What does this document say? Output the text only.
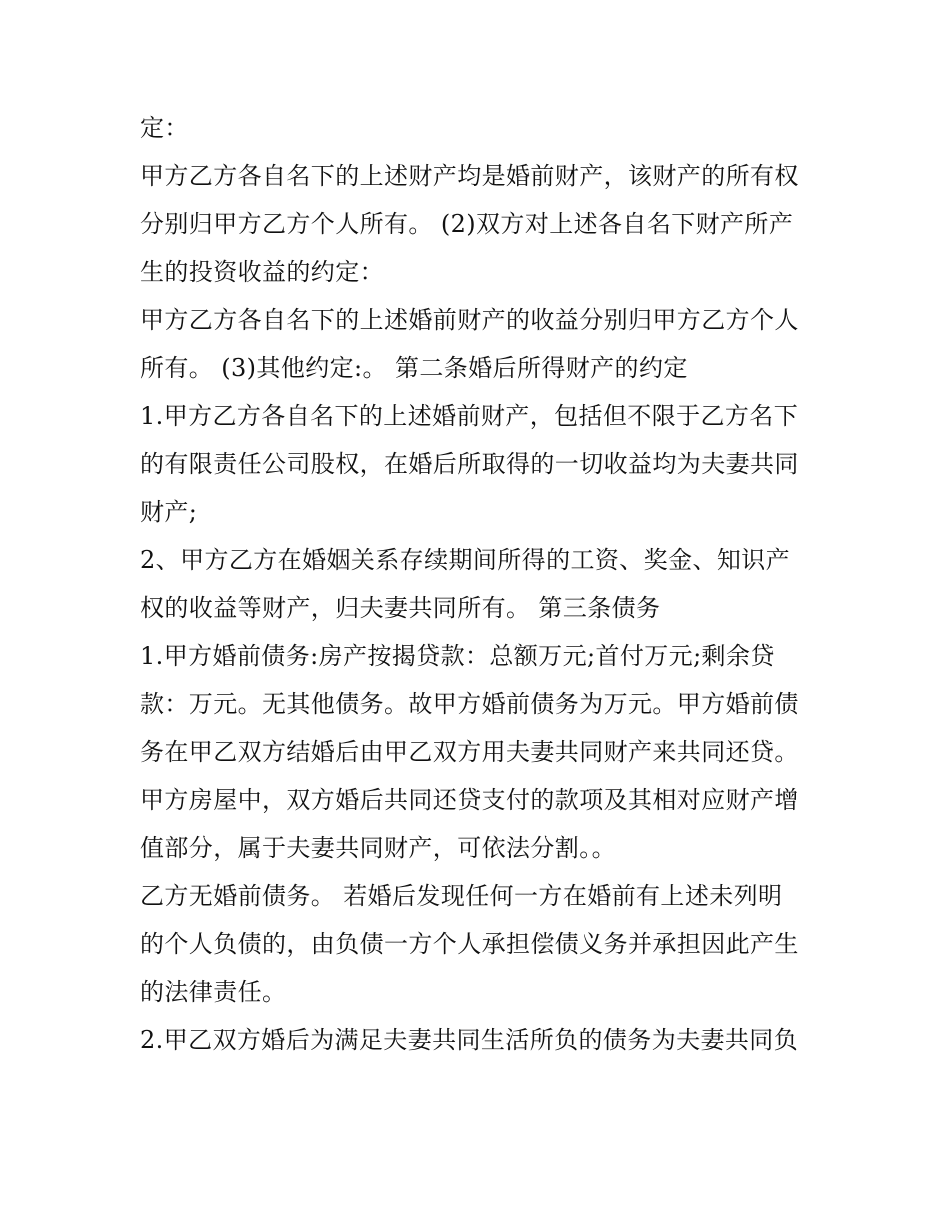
定：
甲方乙方各自名下的上述财产均是婚前财产，该财产的所有权
分别归甲方乙方个人所有。 (2)双方对上述各自名下财产所产
生的投资收益的约定：
甲方乙方各自名下的上述婚前财产的收益分别归甲方乙方个人
所有。 (3)其他约定:。 第二条婚后所得财产的约定
1.甲方乙方各自名下的上述婚前财产，包括但不限于乙方名下
的有限责任公司股权，在婚后所取得的一切收益均为夫妻共同
财产;
2、甲方乙方在婚姻关系存续期间所得的工资、奖金、知识产
权的收益等财产，归夫妻共同所有。 第三条债务
1.甲方婚前债务:房产按揭贷款：总额万元;首付万元;剩余贷
款：万元。无其他债务。故甲方婚前债务为万元。甲方婚前债
务在甲乙双方结婚后由甲乙双方用夫妻共同财产来共同还贷。
甲方房屋中，双方婚后共同还贷支付的款项及其相对应财产增
值部分，属于夫妻共同财产，可依法分割。。
乙方无婚前债务。 若婚后发现任何一方在婚前有上述未列明
的个人负债的，由负债一方个人承担偿债义务并承担因此产生
的法律责任。
2.甲乙双方婚后为满足夫妻共同生活所负的债务为夫妻共同负
